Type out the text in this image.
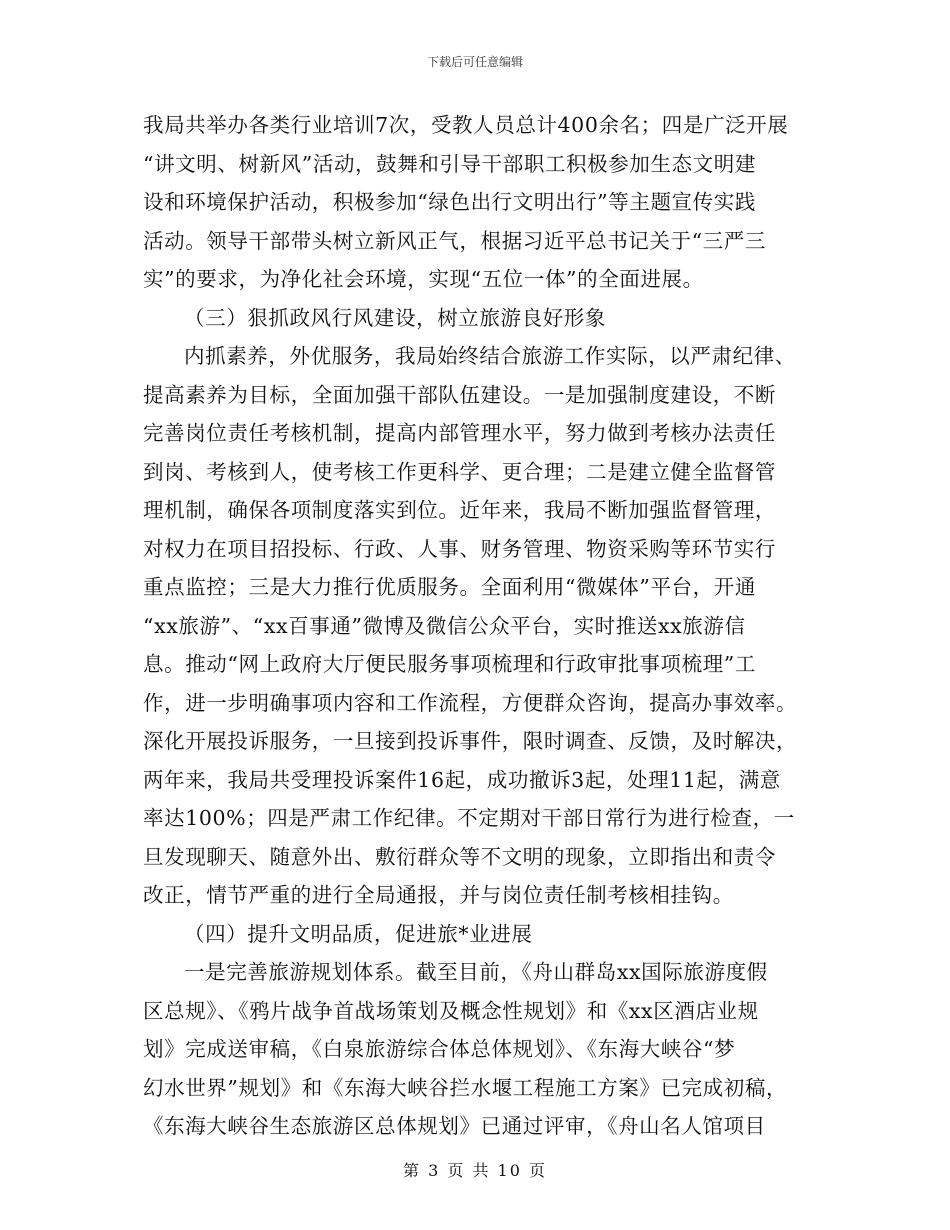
下载后可任意编辑
我局共举办各类行业培训7次，受教人员总计400余名；四是广泛开展
“讲文明、树新风”活动，鼓舞和引导干部职工积极参加生态文明建
设和环境保护活动，积极参加“绿色出行文明出行”等主题宣传实践
活动。领导干部带头树立新风正气，根据习近平总书记关于“三严三
实”的要求，为净化社会环境，实现“五位一体”的全面进展。
（三）狠抓政风行风建设，树立旅游良好形象
内抓素养，外优服务，我局始终结合旅游工作实际，以严肃纪律、
提高素养为目标，全面加强干部队伍建设。一是加强制度建设，不断
完善岗位责任考核机制，提高内部管理水平，努力做到考核办法责任
到岗、考核到人，使考核工作更科学、更合理；二是建立健全监督管
理机制，确保各项制度落实到位。近年来，我局不断加强监督管理，
对权力在项目招投标、行政、人事、财务管理、物资采购等环节实行
重点监控；三是大力推行优质服务。全面利用“微媒体”平台，开通
“xx旅游”、“xx百事通”微博及微信公众平台，实时推送xx旅游信
息。推动“网上政府大厅便民服务事项梳理和行政审批事项梳理”工
作，进一步明确事项内容和工作流程，方便群众咨询，提高办事效率。
深化开展投诉服务，一旦接到投诉事件，限时调查、反馈，及时解决，
两年来，我局共受理投诉案件16起，成功撤诉3起，处理11起，满意
率达100%；四是严肃工作纪律。不定期对干部日常行为进行检查，一
旦发现聊天、随意外出、敷衍群众等不文明的现象，立即指出和责令
改正，情节严重的进行全局通报，并与岗位责任制考核相挂钩。
（四）提升文明品质，促进旅*业进展
一是完善旅游规划体系。截至目前，《舟山群岛xx国际旅游度假
区总规》、《鸦片战争首战场策划及概念性规划》和《xx区酒店业规
划》完成送审稿，《白泉旅游综合体总体规划》、《东海大峡谷“梦
幻水世界”规划》和《东海大峡谷拦水堰工程施工方案》已完成初稿，
《东海大峡谷生态旅游区总体规划》已通过评审，《舟山名人馆项目
第 3 页 共 10 页
